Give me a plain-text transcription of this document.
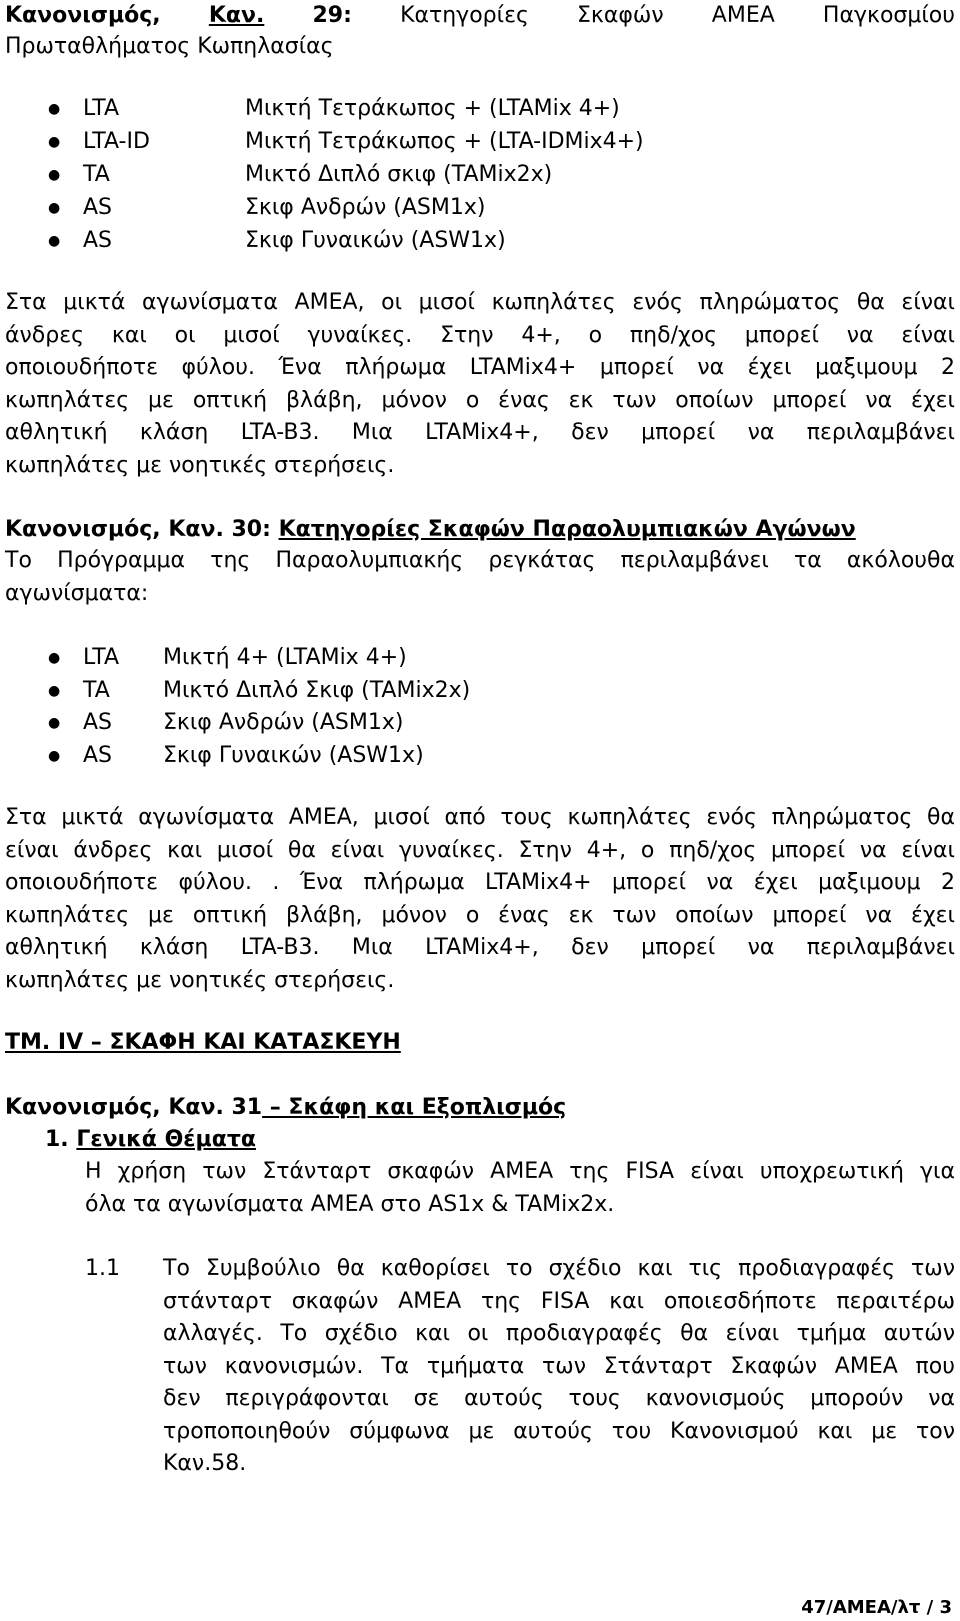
Κανονισμός, Καν. 29: Κατηγορίες Σκαφών ΑΜΕΑ Παγκοσμίου
Πρωταθλήματος Κωπηλασίας
● LTA	Μικτή Τετράκωπος + (LTAMix 4+)
● LTA-ID	Μικτή Τετράκωπος + (LTA-IDMix4+)
● TA	Μικτό Διπλό σκιφ (TAMix2x)
● AS	Σκιφ Ανδρών (ASM1x)
● AS	Σκιφ Γυναικών (ASW1x)
Στα μικτά αγωνίσματα ΑΜΕΑ, οι μισοί κωπηλάτες ενός πληρώματος θα είναι
άνδρες και οι μισοί γυναίκες. Στην 4+, ο πηδ/χος μπορεί να είναι
οποιουδήποτε φύλου. Ένα πλήρωμα LTAMix4+ μπορεί να έχει μαξιμουμ 2
κωπηλάτες με οπτική βλάβη, μόνον ο ένας εκ των οποίων μπορεί να έχει
αθλητική κλάση LTA-B3. Μια LTAMix4+, δεν μπορεί να περιλαμβάνει
κωπηλάτες με νοητικές στερήσεις.
Κανονισμός, Καν. 30: Κατηγορίες Σκαφών Παραολυμπιακών Αγώνων
Το Πρόγραμμα της Παραολυμπιακής ρεγκάτας περιλαμβάνει τα ακόλουθα
αγωνίσματα:
● LTA Μικτή 4+ (LTAMix 4+)
● TA Μικτό Διπλό Σκιφ (TAMix2x)
● AS Σκιφ Ανδρών (ASM1x)
● AS Σκιφ Γυναικών (ASW1x)
Στα μικτά αγωνίσματα ΑΜΕΑ, μισοί από τους κωπηλάτες ενός πληρώματος θα
είναι άνδρες και μισοί θα είναι γυναίκες. Στην 4+, ο πηδ/χος μπορεί να είναι
οποιουδήποτε φύλου. . Ένα πλήρωμα LTAMix4+ μπορεί να έχει μαξιμουμ 2
κωπηλάτες με οπτική βλάβη, μόνον ο ένας εκ των οποίων μπορεί να έχει
αθλητική κλάση LTA-B3. Μια LTAMix4+, δεν μπορεί να περιλαμβάνει
κωπηλάτες με νοητικές στερήσεις.
ΤΜ. IV – ΣΚΑΦΗ ΚΑΙ ΚΑΤΑΣΚΕΥΗ
Κανονισμός, Καν. 31 – Σκάφη και Εξοπλισμός
1. Γενικά Θέματα
Η χρήση των Στάνταρτ σκαφών ΑΜΕΑ της FISA είναι υποχρεωτική για
όλα τα αγωνίσματα ΑΜΕΑ στο AS1x & TAMix2x.
1.1 Το Συμβούλιο θα καθορίσει το σχέδιο και τις προδιαγραφές των
στάνταρτ σκαφών ΑΜΕΑ της FISA και οποιεσδήποτε περαιτέρω
αλλαγές. Το σχέδιο και οι προδιαγραφές θα είναι τμήμα αυτών
των κανονισμών. Τα τμήματα των Στάνταρτ Σκαφών ΑΜΕΑ που
δεν περιγράφονται σε αυτούς τους κανονισμούς μπορούν να
τροποποιηθούν σύμφωνα με αυτούς του Κανονισμού και με τον
Καν.58.
47/ΑΜΕΑ/λτ / 3
